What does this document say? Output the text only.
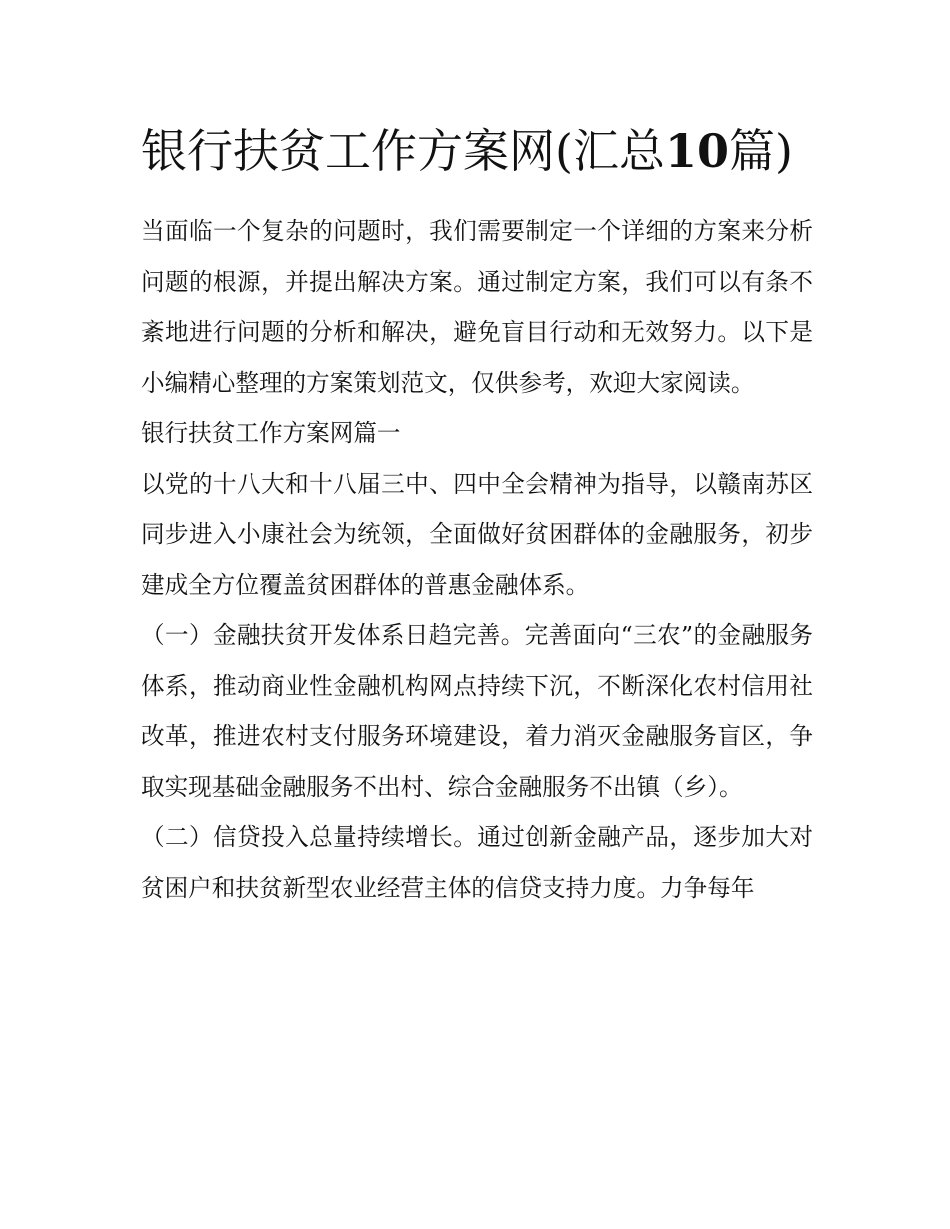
银行扶贫工作方案网(汇总10篇)

当面临一个复杂的问题时，我们需要制定一个详细的方案来分析问题的根源，并提出解决方案。通过制定方案，我们可以有条不紊地进行问题的分析和解决，避免盲目行动和无效努力。以下是小编精心整理的方案策划范文，仅供参考，欢迎大家阅读。

银行扶贫工作方案网篇一

以党的十八大和十八届三中、四中全会精神为指导，以赣南苏区同步进入小康社会为统领，全面做好贫困群体的金融服务，初步建成全方位覆盖贫困群体的普惠金融体系。

（一）金融扶贫开发体系日趋完善。完善面向“三农”的金融服务体系，推动商业性金融机构网点持续下沉，不断深化农村信用社改革，推进农村支付服务环境建设，着力消灭金融服务盲区，争取实现基础金融服务不出村、综合金融服务不出镇（乡）。

（二）信贷投入总量持续增长。通过创新金融产品，逐步加大对贫困户和扶贫新型农业经营主体的信贷支持力度。力争每年
